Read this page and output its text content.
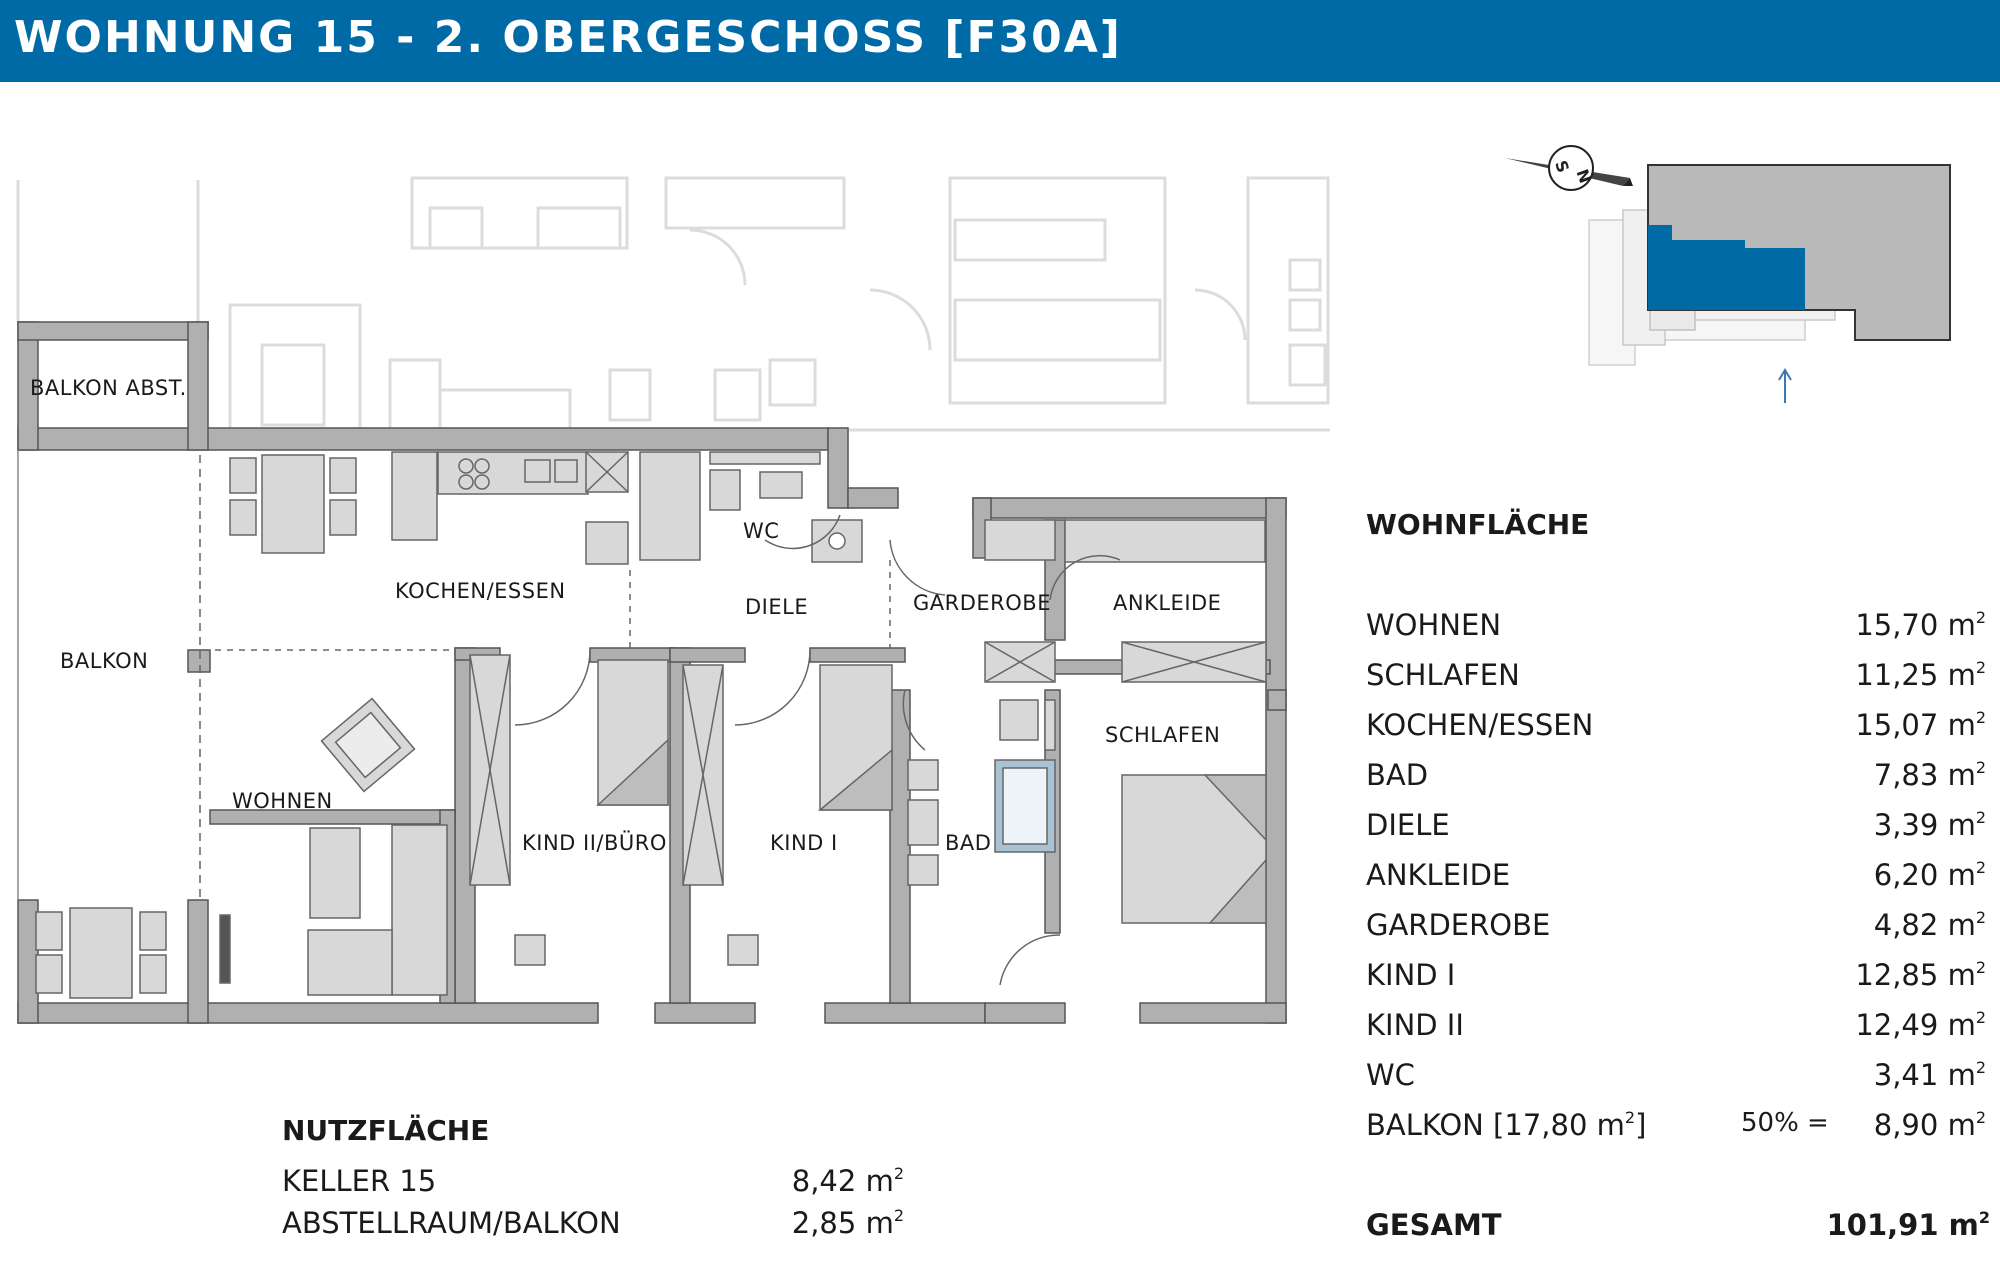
WOHNUNG 15 - 2. OBERGESCHOSS [F30A]
BALKON ABST.
BALKON
KOCHEN/ESSEN
WC
DIELE	GARDEROBE	ANKLEIDE
WOHNEN
KIND II/BÜRO	KIND I	BAD
SCHLAFEN
N
S
WOHNFLÄCHE
WOHNEN	15,70 $m^2$
SCHLAFEN	11,25 $m^2$
KOCHEN/ESSEN	15,07 $m^2$
BAD	7,83 $m^2$
DIELE	3,39 $m^2$
ANKLEIDE	6,20 $m^2$
GARDEROBE	4,82 $m^2$
KIND I	12,85 $m^2$
KIND II	12,49 $m^2$
WC	3,41 $m^2$
BALKON [17,80 $m^2$]	50% = 8,90 $m^2$
GESAMT	101,91 $m^2$
NUTZFLÄCHE
KELLER 15	8,42 $m^2$
ABSTELLRAUM/BALKON	2,85 $m^2$
